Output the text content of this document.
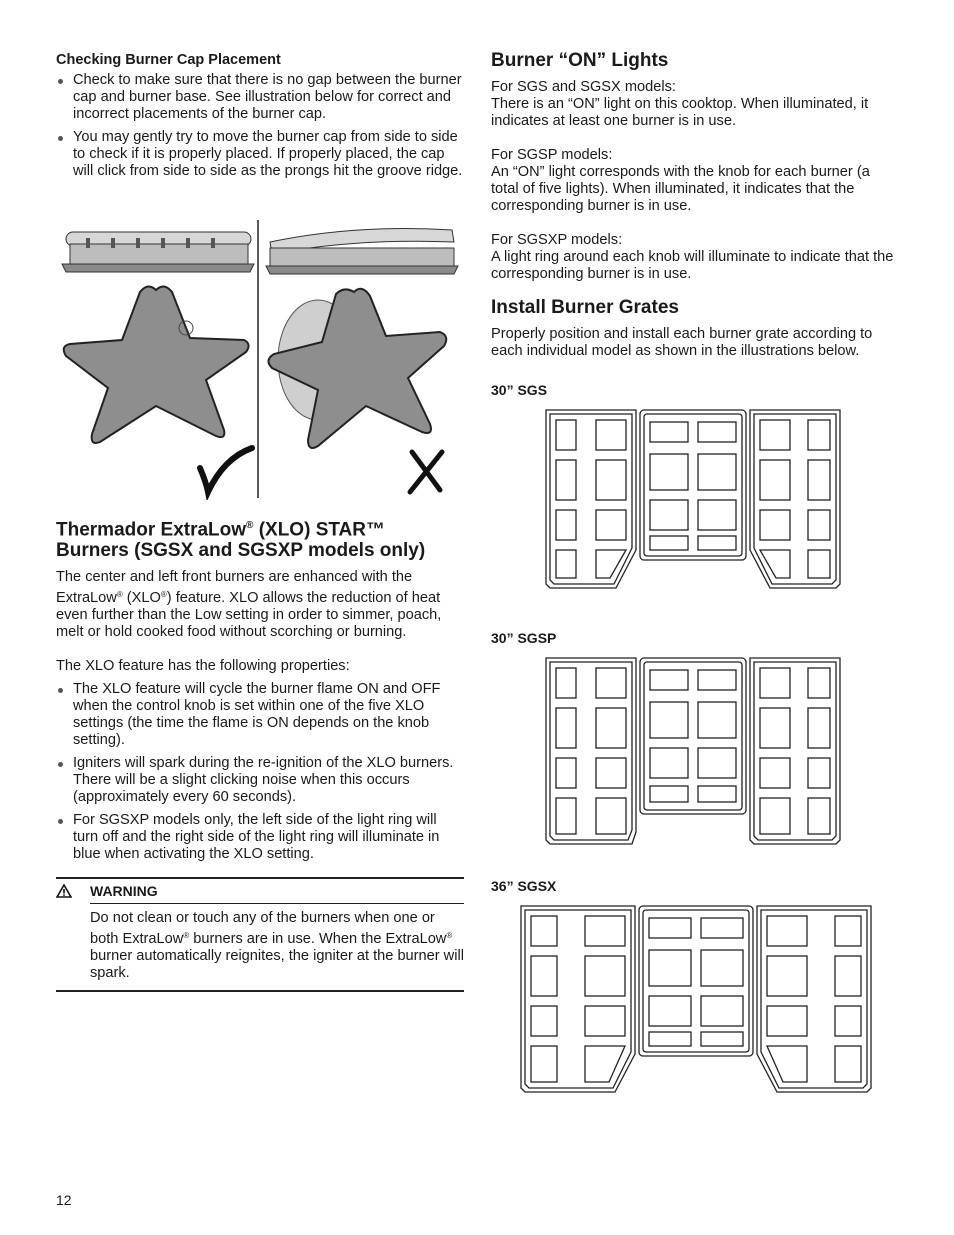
Checking Burner Cap Placement
Check to make sure that there is no gap between the burner cap and burner base. See illustration below for correct and incorrect placements of the burner cap.
You may gently try to move the burner cap from side to side to check if it is properly placed. If properly placed, the cap will click from side to side as the prongs hit the groove ridge.
Thermador ExtraLow® (XLO) STAR™
Burners (SGSX and SGSXP models only)

The center and left front burners are enhanced with the ExtraLow® (XLO®) feature. XLO allows the reduction of heat even further than the Low setting in order to simmer, poach, melt or hold cooked food without scorching or burning.

The XLO feature has the following properties:

The XLO feature will cycle the burner flame ON and OFF when the control knob is set within one of the five XLO settings (the time the flame is ON depends on the knob setting).
Igniters will spark during the re-ignition of the XLO burners. There will be a slight clicking noise when this occurs (approximately every 60 seconds).
For SGSXP models only, the left side of the light ring will turn off and the right side of the light ring will illuminate in blue when activating the XLO setting.
WARNING

Do not clean or touch any of the burners when one or both ExtraLow® burners are in use. When the ExtraLow® burner automatically reignites, the igniter at the burner will spark.

Burner “ON” Lights

For SGS and SGSX models:

There is an “ON” light on this cooktop. When illuminated, it indicates at least one burner is in use.

For SGSP models:

An “ON” light corresponds with the knob for each burner (a total of five lights). When illuminated, it indicates that the corresponding burner is in use.

For SGSXP models:

A light ring around each knob will illuminate to indicate that the corresponding burner is in use.

Install Burner Grates

Properly position and install each burner grate according to each individual model as shown in the illustrations below.

30” SGS
30” SGSP
36” SGSX
12
